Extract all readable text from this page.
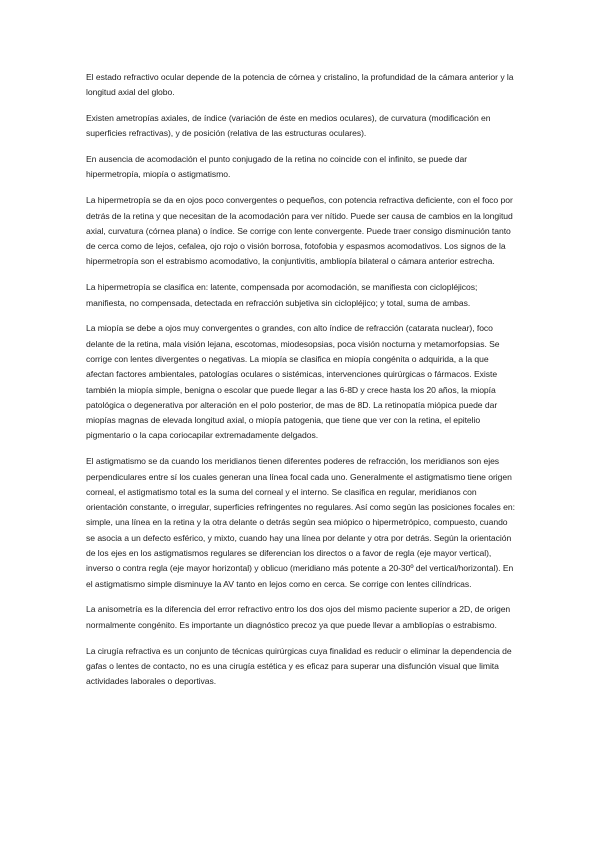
El estado refractivo ocular depende de la potencia de córnea y cristalino, la profundidad de la cámara anterior y la longitud axial del globo.

Existen ametropías axiales, de índice (variación de éste en medios oculares), de curvatura (modificación en superficies refractivas), y de posición (relativa de las estructuras oculares).

En ausencia de acomodación el punto conjugado de la retina no coincide con el infinito, se puede dar hipermetropía, miopía o astigmatismo.

La hipermetropía se da en ojos poco convergentes o pequeños, con potencia refractiva deficiente, con el foco por detrás de la retina y que necesitan de la acomodación para ver nítido. Puede ser causa de cambios en la longitud axial, curvatura (córnea plana) o índice. Se corrige con lente convergente. Puede traer consigo disminución tanto de cerca como de lejos, cefalea, ojo rojo o visión borrosa, fotofobia y espasmos acomodativos. Los signos de la hipermetropía son el estrabismo acomodativo, la conjuntivitis, ambliopía bilateral o cámara anterior estrecha.

La hipermetropía se clasifica en: latente, compensada por acomodación, se manifiesta con ciclopléjicos; manifiesta, no compensada, detectada en refracción subjetiva sin ciclopléjico; y total, suma de ambas.

La miopía se debe a ojos muy convergentes o grandes, con alto índice de refracción (catarata nuclear), foco delante de la retina, mala visión lejana, escotomas, miodesopsias, poca visión nocturna y metamorfopsias. Se corrige con lentes divergentes o negativas. La miopía se clasifica en miopía congénita o adquirida, a la que afectan factores ambientales, patologías oculares o sistémicas, intervenciones quirúrgicas o fármacos. Existe también la miopía simple, benigna o escolar que puede llegar a las 6-8D y crece hasta los 20 años, la miopía patológica o degenerativa por alteración en el polo posterior, de mas de 8D. La retinopatía miópica puede dar miopías magnas de elevada longitud axial, o miopía patogenia, que tiene que ver con la retina, el epitelio pigmentario o la capa coriocapilar extremadamente delgados.

El astigmatismo se da cuando los meridianos tienen diferentes poderes de refracción, los meridianos son ejes perpendiculares entre sí los cuales generan una línea focal cada uno. Generalmente el astigmatismo tiene origen corneal, el astigmatismo total es la suma del corneal y el interno. Se clasifica en regular, meridianos con orientación constante, o irregular, superficies refringentes no regulares. Así como según las posiciones focales en: simple, una línea en la retina y la otra delante o detrás según sea miópico o hipermetrópico, compuesto, cuando se asocia a un defecto esférico, y mixto, cuando hay una línea por delante y otra por detrás. Según la orientación de los ejes en los astigmatismos regulares se diferencian los directos o a favor de regla (eje mayor vertical), inverso o contra regla (eje mayor horizontal) y oblicuo (meridiano más potente a 20-30º del vertical/horizontal). En el astigmatismo simple disminuye la AV tanto en lejos como en cerca. Se corrige con lentes cilíndricas.

La anisometría es la diferencia del error refractivo entro los dos ojos del mismo paciente superior a 2D, de origen normalmente congénito. Es importante un diagnóstico precoz ya que puede llevar a ambliopías o estrabismo.

La cirugía refractiva es un conjunto de técnicas quirúrgicas cuya finalidad es reducir o eliminar la dependencia de gafas o lentes de contacto, no es una cirugía estética y es eficaz para superar una disfunción visual que limita actividades laborales o deportivas.
